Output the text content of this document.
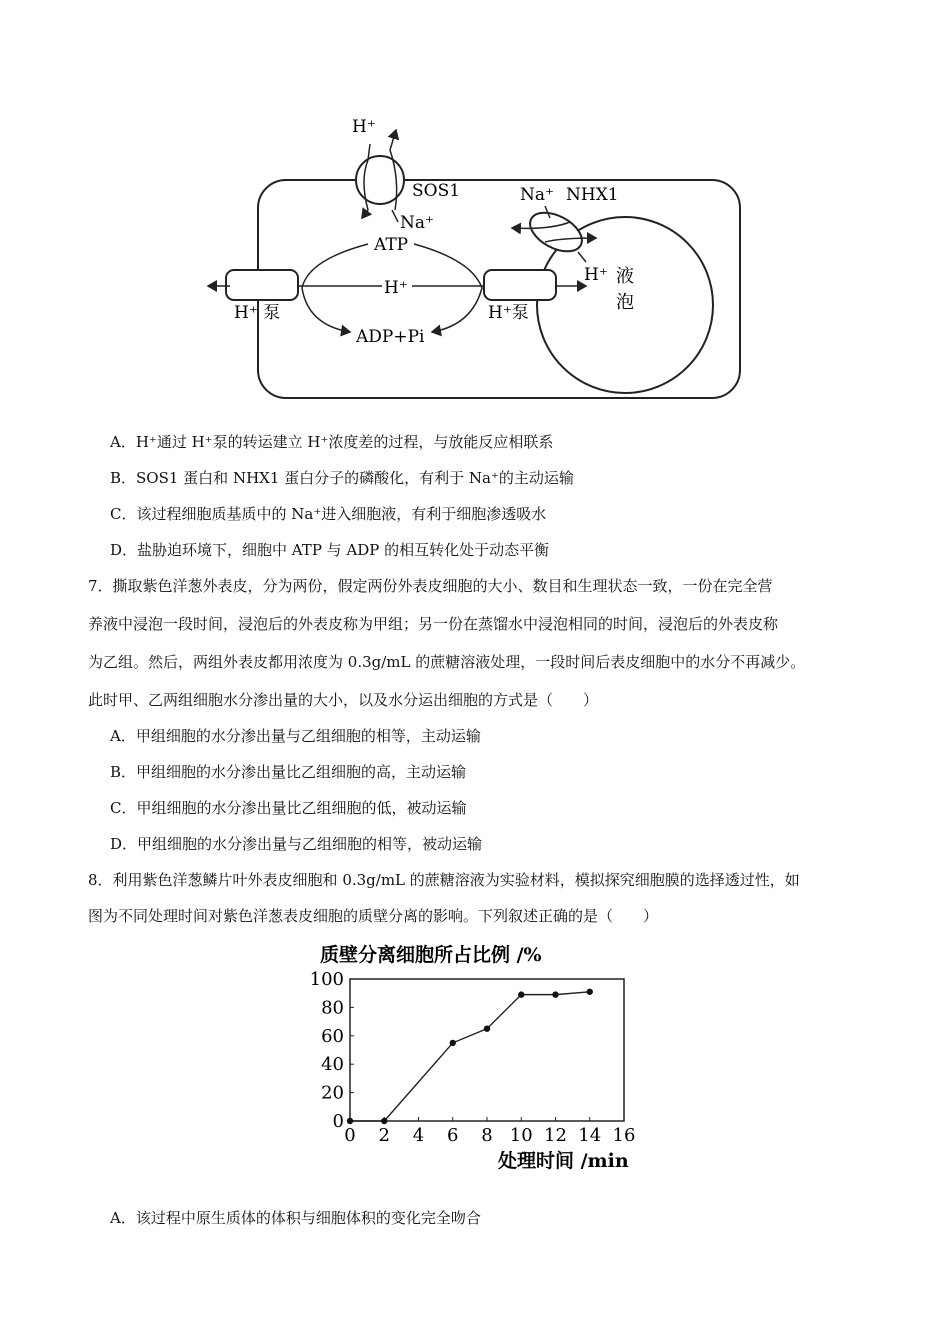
H⁺
SOS1
Na⁺
Na⁺ NHX1
ATP
H⁺
H⁺ 液
泡
H⁺ 泵	H⁺泵
ADP+Pi
A．H⁺通过 H⁺泵的转运建立 H⁺浓度差的过程，与放能反应相联系
B．SOS1 蛋白和 NHX1 蛋白分子的磷酸化，有利于 Na⁺的主动运输
C．该过程细胞质基质中的 Na⁺进入细胞液，有利于细胞渗透吸水
D．盐胁迫环境下，细胞中 ATP 与 ADP 的相互转化处于动态平衡
7．撕取紫色洋葱外表皮，分为两份，假定两份外表皮细胞的大小、数目和生理状态一致，一份在完全营
养液中浸泡一段时间，浸泡后的外表皮称为甲组；另一份在蒸馏水中浸泡相同的时间，浸泡后的外表皮称
为乙组。然后，两组外表皮都用浓度为 0.3g/mL 的蔗糖溶液处理，一段时间后表皮细胞中的水分不再减少。
此时甲、乙两组细胞水分渗出量的大小，以及水分运出细胞的方式是（　　）
A．甲组细胞的水分渗出量与乙组细胞的相等，主动运输
B．甲组细胞的水分渗出量比乙组细胞的高，主动运输
C．甲组细胞的水分渗出量比乙组细胞的低，被动运输
D．甲组细胞的水分渗出量与乙组细胞的相等，被动运输
8．利用紫色洋葱鳞片叶外表皮细胞和 0.3g/mL 的蔗糖溶液为实验材料，模拟探究细胞膜的选择透过性，如
图为不同处理时间对紫色洋葱表皮细胞的质壁分离的影响。下列叙述正确的是（　　）
质壁分离细胞所占比例 /%
0 2 4 6 8 10 12 14 16
0
20
40
60
80
100
处理时间 /min
A．该过程中原生质体的体积与细胞体积的变化完全吻合
